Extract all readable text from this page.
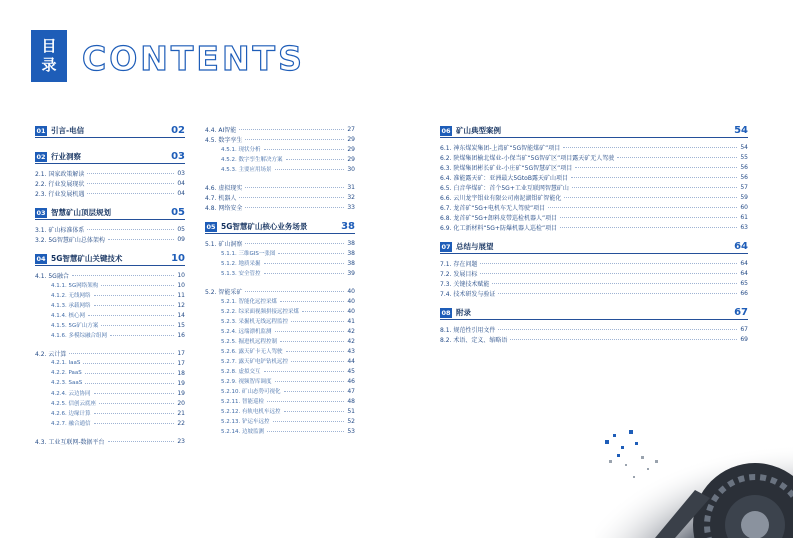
目
录 CONTENTS
01 引言-电信	02
02 行业洞察	03
2.1. 国家政策解读	03
2.2. 行业发展现状	04
2.3. 行业发展机遇	04
03 智慧矿山顶层规划	05
3.1. 矿山标准体系	05
3.2. 5G智慧矿山总体架构	09
04 5G智慧矿山关键技术	10
4.1. 5G融合	10
4.1.1. 5G网络架构	10
4.1.2. 无线网络	11
4.1.3. 承载网络	12
4.1.4. 核心网	14
4.1.5. 5G矿山方案	15
4.1.6. 多模综融合组网	16
4.2. 云计算	17
4.2.1. IaaS	17
4.2.2. PaaS	18
4.2.3. SaaS	19
4.2.4. 云边协同	19
4.2.5. 信创云底座	20
4.2.6. 边缘计算	21
4.2.7. 融合通信	22
4.3. 工业互联网-数据平台	23
4.4. AI智能	27
4.5. 数字孪生	29
4.5.1. 现状分析	29
4.5.2. 数字孪生解决方案	29
4.5.3. 主要应用场景	30
4.6. 虚拟现实	31
4.7. 机器人	32
4.8. 网络安全	33
05 5G智慧矿山核心业务场景	38
5.1. 矿山洞察	38
5.1.1. 三维GIS一张图	38
5.1.2. 地质采掘	38
5.1.3. 安全管控	39
5.2. 智能采矿	40
5.2.1. 智能化远控采煤	40
5.2.2. 综采面视频拼接远控采煤	40
5.2.3. 采掘机无线远程监控	41
5.2.4. 远端漂机监测	42
5.2.5. 掘进机远程控制	42
5.2.6. 露天矿卡无人驾驶	43
5.2.7. 露天矿电铲钻机远控	44
5.2.8. 虚拟交互	45
5.2.9. 视频智库调度	46
5.2.10. 矿山态势可视化	47
5.2.11. 智能巡检	48
5.2.12. 有轨电机车远控	51
5.2.13. 铲运车远控	52
5.2.14. 边坡监测	53
06 矿山典型案例	54
6.1. 神东煤炭集团-上湾矿“5G智能煤矿”项目	54
6.2. 陕煤集团榆北煤业-小保当矿“5G智矿区”项目露天矿无人驾驶	55
6.3. 陕煤集团彬长矿业-小庄矿“5G智慧矿区”项目	56
6.4. 准能露天矿：亚洲最大5GtoB露天矿山项目	56
6.5. 白音华煤矿：首个5G+工业互联网智慧矿山	57
6.6. 云川龙宇钼业有限公司南泥湖钼矿智能化	59
6.7. 龙首矿“5G+电机车无人驾驶”项目	60
6.8. 龙首矿“5G+卸料皮带巡检机器人”项目	61
6.9. 化工新材料“5G+防爆机器人巡检”项目	63
07 总结与展望	64
7.1. 存在问题	64
7.2. 发展目标	64
7.3. 关键技术赋能	65
7.4. 技术研发与验证	66
08 附录	67
8.1. 规范性引用文件	67
8.2. 术语、定义、缩略语	69
